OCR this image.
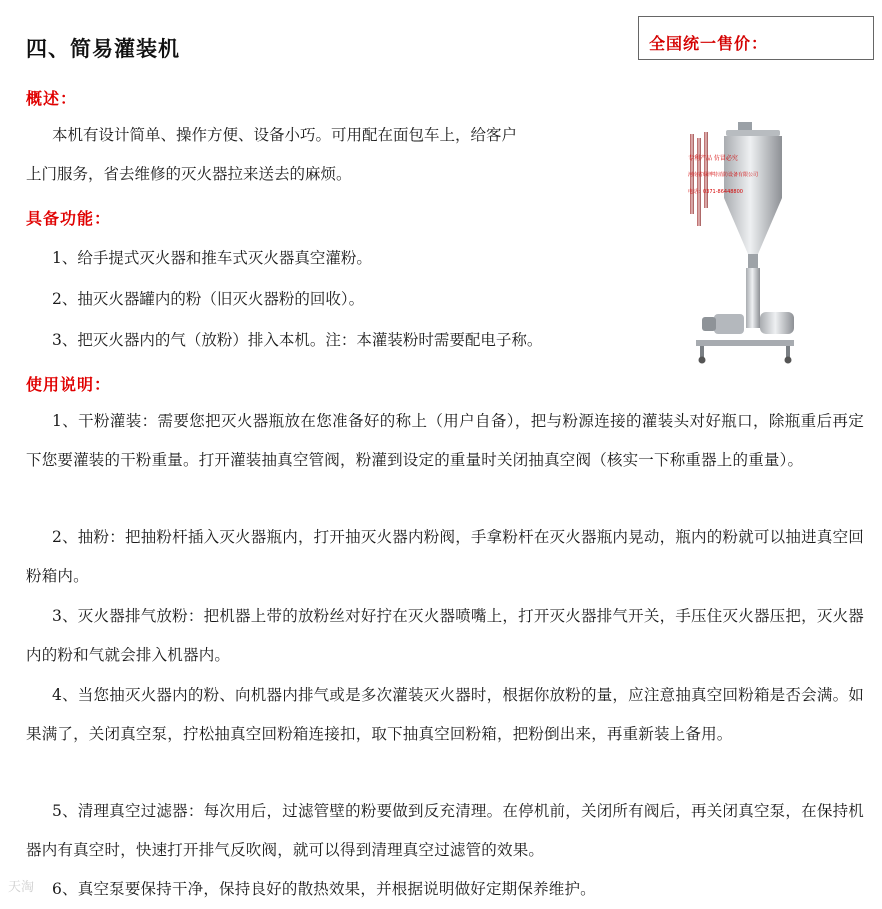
四、简易灌装机	全国统一售价：
概述：
本机有设计简单、操作方便、设备小巧。可用配在面包车上，给客户
上门服务，省去维修的灭火器拉来送去的麻烦。
具备功能：
1、给手提式灭火器和推车式灭火器真空灌粉。
2、抽灭火器罐内的粉（旧灭火器粉的回收）。
3、把灭火器内的气（放粉）排入本机。注：本灌装粉时需要配电子称。
专利产品 仿冒必究
河南省绿博特消防设备有限公司
电话：0371-86448800
使用说明：
1、干粉灌装：需要您把灭火器瓶放在您准备好的称上（用户自备），把与粉源连接的灌装头对好瓶口，除瓶重后再定下您要灌装的干粉重量。打开灌装抽真空管阀，粉灌到设定的重量时关闭抽真空阀（核实一下称重器上的重量）。
2、抽粉：把抽粉杆插入灭火器瓶内，打开抽灭火器内粉阀，手拿粉杆在灭火器瓶内晃动，瓶内的粉就可以抽进真空回粉箱内。
3、灭火器排气放粉：把机器上带的放粉丝对好拧在灭火器喷嘴上，打开灭火器排气开关，手压住灭火器压把，灭火器内的粉和气就会排入机器内。
4、当您抽灭火器内的粉、向机器内排气或是多次灌装灭火器时，根据你放粉的量，应注意抽真空回粉箱是否会满。如果满了，关闭真空泵，拧松抽真空回粉箱连接扣，取下抽真空回粉箱，把粉倒出来，再重新装上备用。
5、清理真空过滤器：每次用后，过滤管壁的粉要做到反充清理。在停机前，关闭所有阀后，再关闭真空泵，在保持机器内有真空时，快速打开排气反吹阀，就可以得到清理真空过滤管的效果。
6、真空泵要保持干净，保持良好的散热效果，并根据说明做好定期保养维护。
天淘
